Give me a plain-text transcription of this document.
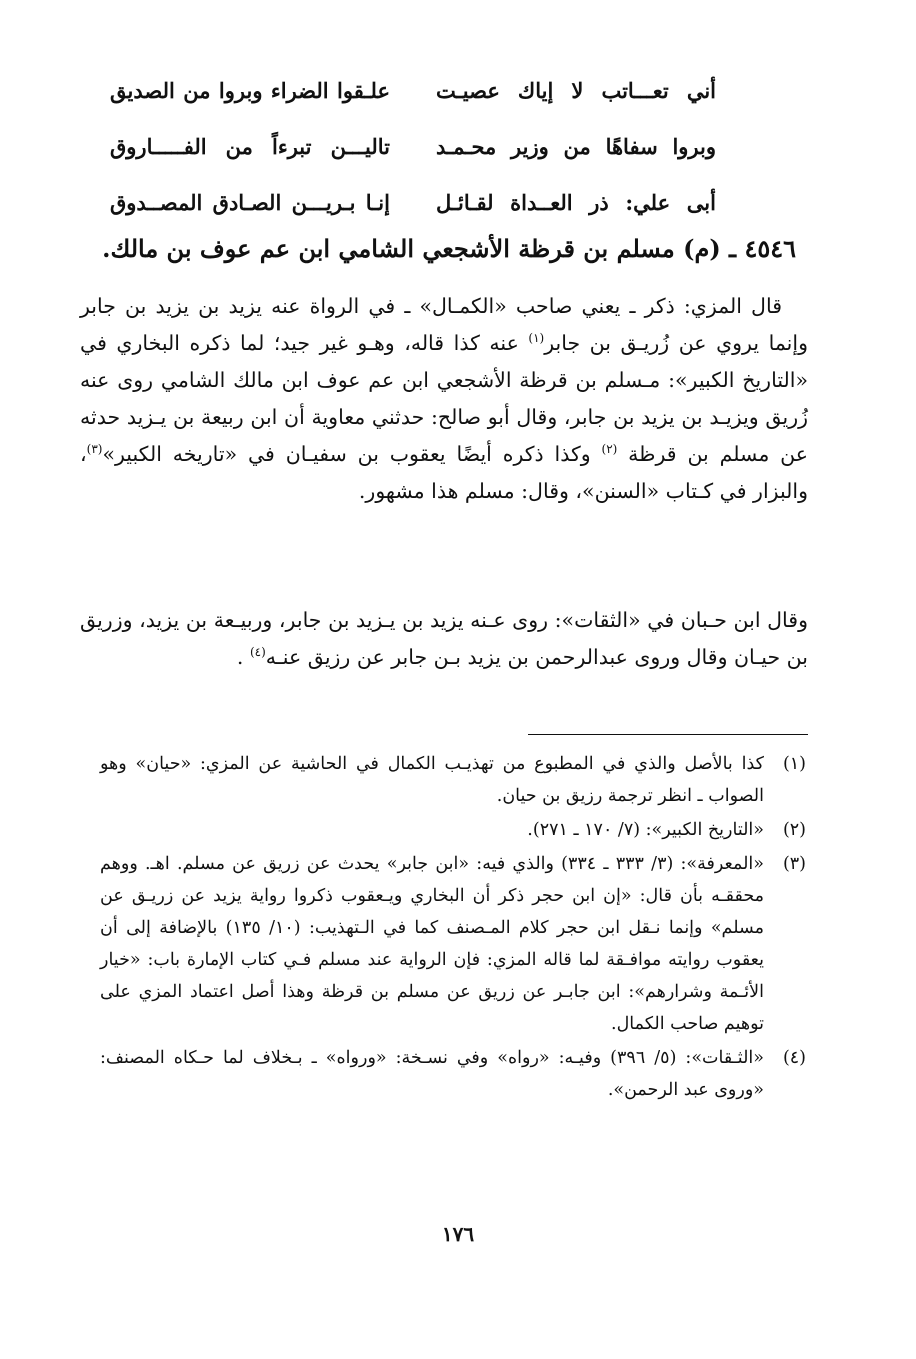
أني تعـــاتب لا إياك عصيـت
علـقوا الضراء وبروا من الصديق
وبروا سفاهًا من وزير محـمـد
تاليـــن تبرءاً من الفـــــاروق
أبى علي: ذر العــداة لقـائـل
إنـا بـريـــن الصـادق المصــدوق
٤٥٤٦ ـ (م) مسلم بن قرظة الأشجعي الشامي ابن عم عوف بن مالك.
قال المزي: ذكر ـ يعني صاحب «الكمـال» ـ في الرواة عنه يزيد بن يزيد بن جابر وإنما يروي عن زُريـق بن جابر$^{(١)}$ عنه كذا قاله، وهـو غير جيد؛ لما ذكره البخاري في «التاريخ الكبير»: مـسلم بن قرظة الأشجعي ابن عم عوف ابن مالك الشامي روى عنه زُريق ويزيـد بن يزيد بن جابر، وقال أبو صالح: حدثني معاوية أن ابن ربيعة بن يـزيد حدثه عن مسلم بن قرظة $^{(٢)}$ وكذا ذكره أيضًا يعقوب بن سفيـان في «تاريخه الكبير»$^{(٣)}$، والبزار في كـتاب «السنن»، وقال: مسلم هذا مشهور.
وقال ابن حـبان في «الثقات»: روى عـنه يزيد بن يـزيد بن جابر، وربيـعة بن يزيد، وزريق بن حيـان وقال وروى عبدالرحمن بن يزيد بـن جابر عن رزيق عنـه$^{(٤)}$ .
(١)
كذا بالأصل والذي في المطبوع من تهذيـب الكمال في الحاشية عن المزي: «حيان» وهو الصواب ـ انظر ترجمة رزيق بن حيان.
(٢)
«التاريخ الكبير»: (٧/ ١٧٠ ـ ٢٧١).
(٣)
«المعرفة»: (٣/ ٣٣٣ ـ ٣٣٤) والذي فيه: «ابن جابر» يحدث عن زريق عن مسلم. اهـ. ووهم محققـه بأن قال: «إن ابن حجر ذكر أن البخاري ويـعقوب ذكروا رواية يزيد عن زريـق عن مسلم» وإنما نـقل ابن حجر كلام المـصنف كما في الـتهذيب: (١٠/ ١٣٥) بالإضافة إلى أن يعقوب روايته موافـقة لما قاله المزي: فإن الرواية عند مسلم فـي كتاب الإمارة باب: «خيار الأئـمة وشرارهم»: ابن جابـر عن زريق عن مسلم بن قرظة وهذا أصل اعتماد المزي على توهيم صاحب الكمال.
(٤)
«الثـقات»: (٥/ ٣٩٦) وفيـه: «رواه» وفي نسـخة: «ورواه» ـ بـخلاف لما حـكاه المصنف: «وروى عبد الرحمن».
١٧٦
